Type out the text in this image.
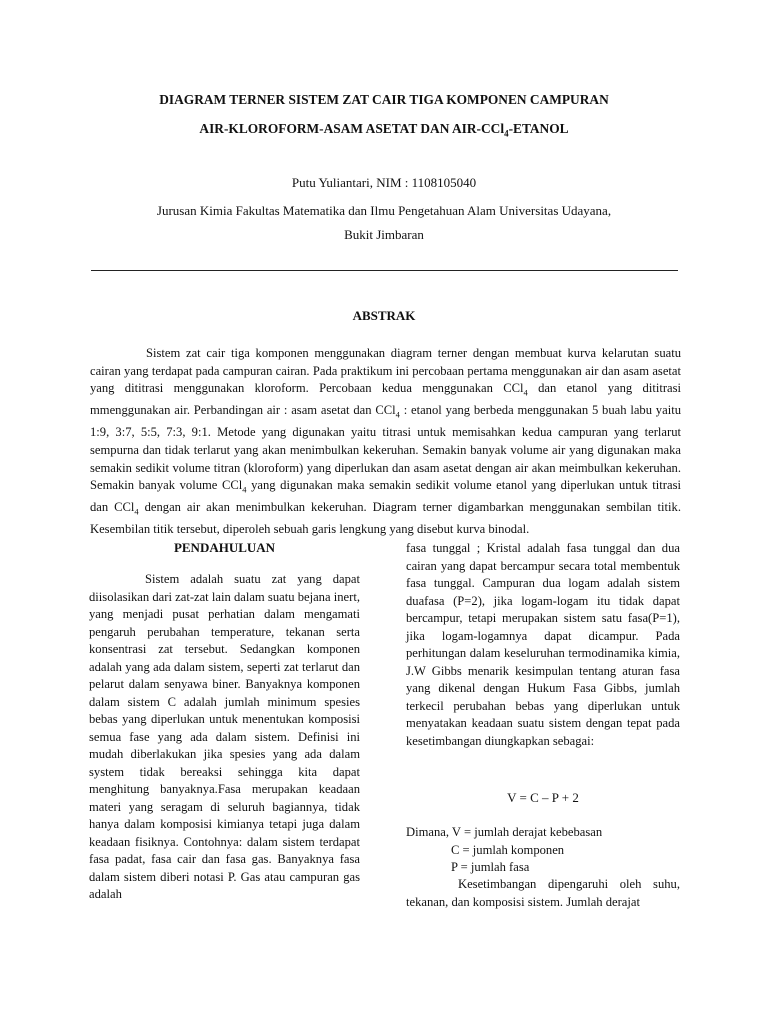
DIAGRAM TERNER SISTEM ZAT CAIR TIGA KOMPONEN CAMPURAN
AIR-KLOROFORM-ASAM ASETAT DAN AIR-CCl$_4$-ETANOL
Putu Yuliantari, NIM : 1108105040
Jurusan Kimia Fakultas Matematika dan Ilmu Pengetahuan Alam Universitas Udayana,
Bukit Jimbaran
ABSTRAK

Sistem zat cair tiga komponen menggunakan diagram terner dengan membuat kurva kelarutan suatu cairan yang terdapat pada campuran cairan. Pada praktikum ini percobaan pertama menggunakan air dan asam asetat yang dititrasi menggunakan kloroform. Percobaan kedua menggunakan CCl$_4$ dan etanol yang dititrasi mmenggunakan air. Perbandingan air : asam asetat dan CCl$_4$ : etanol yang berbeda menggunakan 5 buah labu yaitu 1:9, 3:7, 5:5, 7:3, 9:1. Metode yang digunakan yaitu titrasi untuk memisahkan kedua campuran yang terlarut sempurna dan tidak terlarut yang akan menimbulkan kekeruhan. Semakin banyak volume air yang digunakan maka semakin sedikit volume titran (kloroform) yang diperlukan dan asam asetat dengan air akan meimbulkan kekeruhan. Semakin banyak volume CCl$_4$ yang digunakan maka semakin sedikit volume etanol yang diperlukan untuk titrasi dan CCl$_4$ dengan air akan menimbulkan kekeruhan. Diagram terner digambarkan menggunakan sembilan titik. Kesembilan titik tersebut, diperoleh sebuah garis lengkung yang disebut kurva binodal.

PENDAHULUAN

Sistem adalah suatu zat yang dapat diisolasikan dari zat-zat lain dalam suatu bejana inert, yang menjadi pusat perhatian dalam mengamati pengaruh perubahan temperature, tekanan serta konsentrasi zat tersebut. Sedangkan komponen adalah yang ada dalam sistem, seperti zat terlarut dan pelarut dalam senyawa biner. Banyaknya komponen dalam sistem C adalah jumlah minimum spesies bebas yang diperlukan untuk menentukan komposisi semua fase yang ada dalam sistem. Definisi ini mudah diberlakukan jika spesies yang ada dalam system tidak bereaksi sehingga kita dapat menghitung banyaknya.Fasa merupakan keadaan materi yang seragam di seluruh bagiannya, tidak hanya dalam komposisi kimianya tetapi juga dalam keadaan fisiknya. Contohnya: dalam sistem terdapat fasa padat, fasa cair dan fasa gas. Banyaknya fasa dalam sistem diberi notasi P. Gas atau campuran gas adalah

fasa tunggal ; Kristal adalah fasa tunggal dan dua cairan yang dapat bercampur secara total membentuk fasa tunggal. Campuran dua logam adalah sistem duafasa (P=2), jika logam-logam itu tidak dapat bercampur, tetapi merupakan sistem satu fasa(P=1), jika logam-logamnya dapat dicampur. Pada perhitungan dalam keseluruhan termodinamika kimia, J.W Gibbs menarik kesimpulan tentang aturan fasa yang dikenal dengan Hukum Fasa Gibbs, jumlah terkecil perubahan bebas yang diperlukan untuk menyatakan keadaan suatu sistem dengan tepat pada kesetimbangan diungkapkan sebagai:

V = C – P + 2
Dimana, V = jumlah derajat kebebasan
C = jumlah komponen
P = jumlah fasa

Kesetimbangan dipengaruhi oleh suhu, tekanan, dan komposisi sistem. Jumlah derajat
